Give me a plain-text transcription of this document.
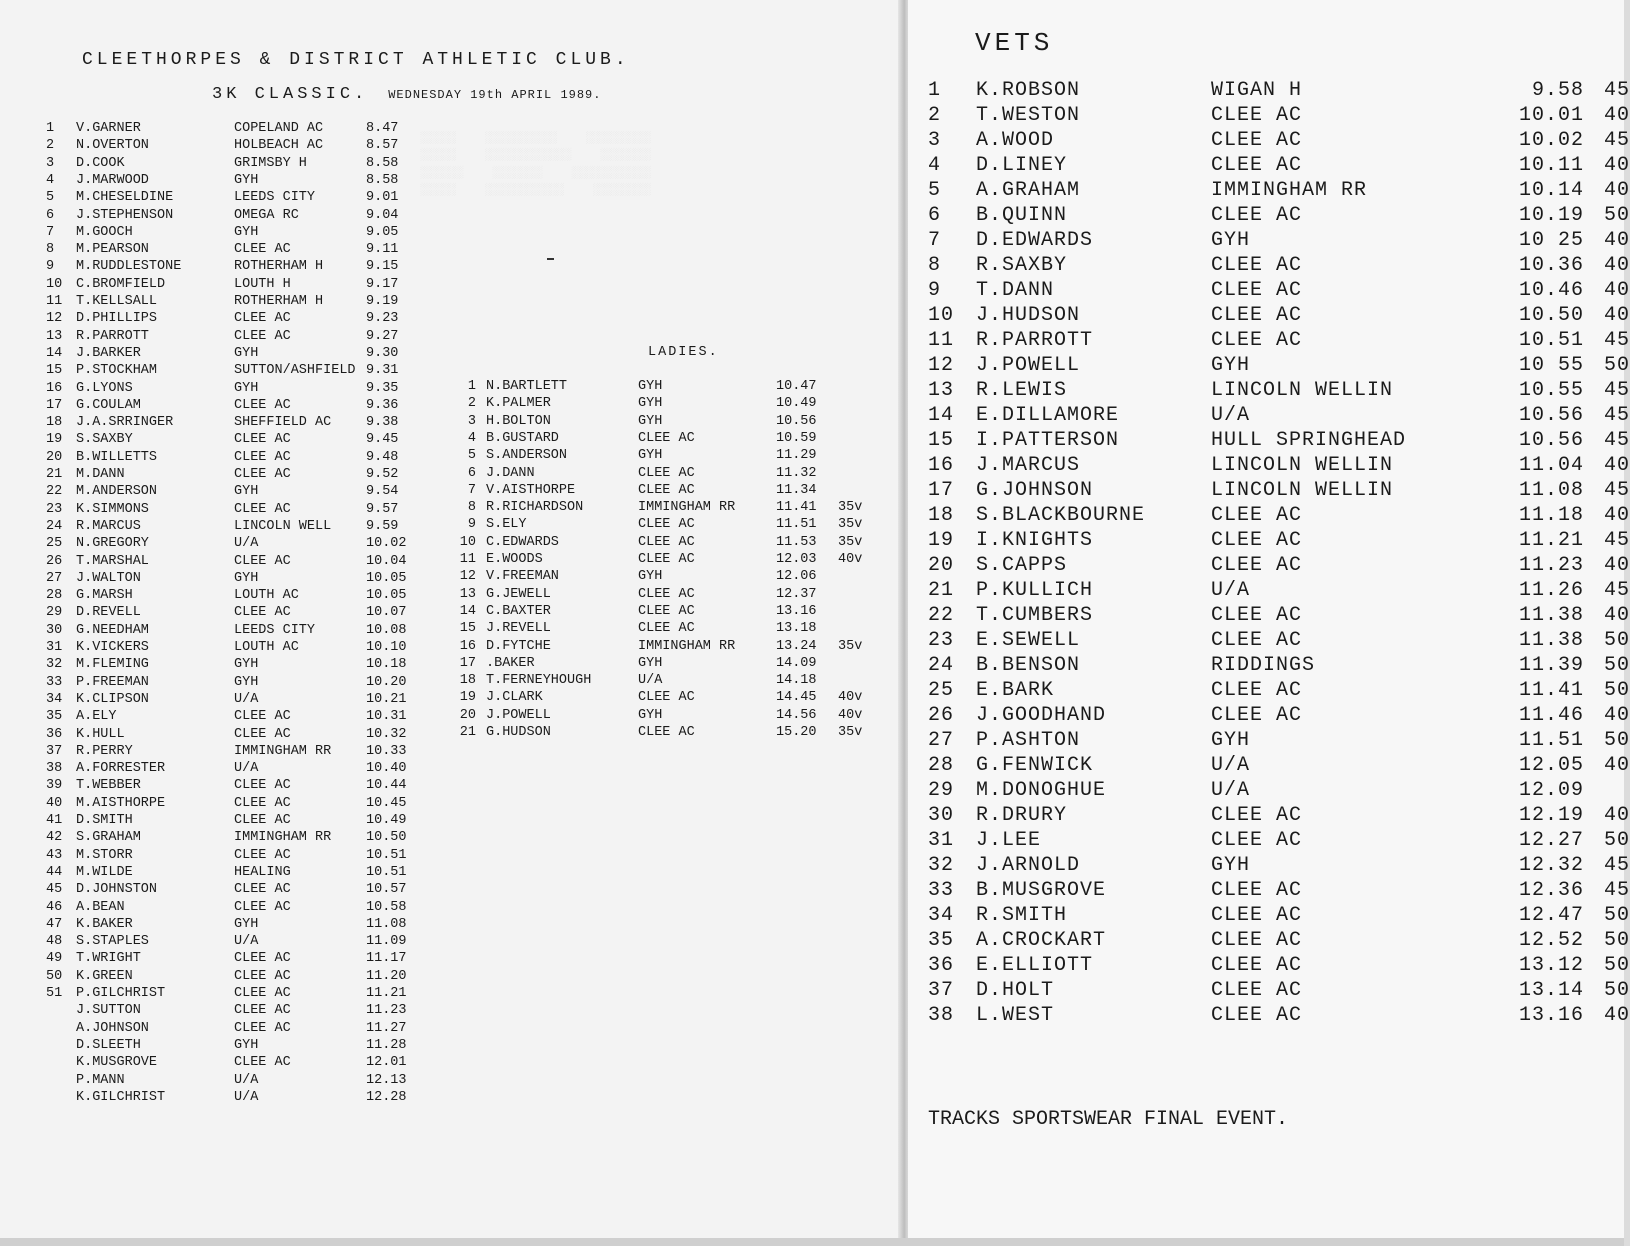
░░░░░░░░░    ░░░░░░░░░░    ░░░░░
░░░░░░░    ░░░░░░░░░░░░    ░░░░░
░░░░░░░░░░░    ░░░░░░░    ░░░░░░
░░░░░░░░    ░░░░░░░░░░░    ░░░░░
CLEETHORPES & DISTRICT ATHLETIC CLUB.
3K CLASSIC. WEDNESDAY 19th APRIL 1989.
1	V.GARNER	COPELAND AC	8.47
2	N.OVERTON	HOLBEACH AC	8.57
3	D.COOK	GRIMSBY H	8.58
4	J.MARWOOD	GYH	8.58
5	M.CHESELDINE	LEEDS CITY	9.01
6	J.STEPHENSON	OMEGA RC	9.04
7	M.GOOCH	GYH	9.05
8	M.PEARSON	CLEE AC	9.11
9	M.RUDDLESTONE	ROTHERHAM H	9.15
10	C.BROMFIELD	LOUTH H	9.17
11	T.KELLSALL	ROTHERHAM H	9.19
12	D.PHILLIPS	CLEE AC	9.23
13	R.PARROTT	CLEE AC	9.27
14	J.BARKER	GYH	9.30
15	P.STOCKHAM	SUTTON/ASHFIELD 9.31
16	G.LYONS	GYH	9.35
17	G.COULAM	CLEE AC	9.36
18	J.A.SRRINGER	SHEFFIELD AC	9.38
19	S.SAXBY	CLEE AC	9.45
20	B.WILLETTS	CLEE AC	9.48
21	M.DANN	CLEE AC	9.52
22	M.ANDERSON	GYH	9.54
23	K.SIMMONS	CLEE AC	9.57
24	R.MARCUS	LINCOLN WELL	9.59
25	N.GREGORY	U/A	10.02
26	T.MARSHAL	CLEE AC	10.04
27	J.WALTON	GYH	10.05
28	G.MARSH	LOUTH AC	10.05
29	D.REVELL	CLEE AC	10.07
30	G.NEEDHAM	LEEDS CITY	10.08
31	K.VICKERS	LOUTH AC	10.10
32	M.FLEMING	GYH	10.18
33	P.FREEMAN	GYH	10.20
34	K.CLIPSON	U/A	10.21
35	A.ELY	CLEE AC	10.31
36	K.HULL	CLEE AC	10.32
37	R.PERRY	IMMINGHAM RR	10.33
38	A.FORRESTER	U/A	10.40
39	T.WEBBER	CLEE AC	10.44
40	M.AISTHORPE	CLEE AC	10.45
41	D.SMITH	CLEE AC	10.49
42	S.GRAHAM	IMMINGHAM RR	10.50
43	M.STORR	CLEE AC	10.51
44	M.WILDE	HEALING	10.51
45	D.JOHNSTON	CLEE AC	10.57
46	A.BEAN	CLEE AC	10.58
47	K.BAKER	GYH	11.08
48	S.STAPLES	U/A	11.09
49	T.WRIGHT	CLEE AC	11.17
50	K.GREEN	CLEE AC	11.20
51	P.GILCHRIST	CLEE AC	11.21
J.SUTTON	CLEE AC	11.23
A.JOHNSON	CLEE AC	11.27
D.SLEETH	GYH	11.28
K.MUSGROVE	CLEE AC	12.01
P.MANN	U/A	12.13
K.GILCHRIST	U/A	12.28
LADIES.
1 N.BARTLETT	GYH	10.47
2 K.PALMER	GYH	10.49
3 H.BOLTON	GYH	10.56
4 B.GUSTARD	CLEE AC	10.59
5 S.ANDERSON	GYH	11.29
6 J.DANN	CLEE AC	11.32
7 V.AISTHORPE	CLEE AC	11.34
8 R.RICHARDSON	IMMINGHAM RR	11.41 35v
9 S.ELY	CLEE AC	11.51 35v
10 C.EDWARDS	CLEE AC	11.53 35v
11 E.WOODS	CLEE AC	12.03 40v
12 V.FREEMAN	GYH	12.06
13 G.JEWELL	CLEE AC	12.37
14 C.BAXTER	CLEE AC	13.16
15 J.REVELL	CLEE AC	13.18
16 D.FYTCHE	IMMINGHAM RR	13.24 35v
17 .BAKER	GYH	14.09
18 T.FERNEYHOUGH	U/A	14.18
19 J.CLARK	CLEE AC	14.45 40v
20 J.POWELL	GYH	14.56 40v
21 G.HUDSON	CLEE AC	15.20 35v
VETS
1	K.ROBSON	WIGAN H	9.58 45
2	T.WESTON	CLEE AC	10.01 40
3	A.WOOD	CLEE AC	10.02 45
4	D.LINEY	CLEE AC	10.11 40
5	A.GRAHAM	IMMINGHAM RR	10.14 40
6	B.QUINN	CLEE AC	10.19 50
7	D.EDWARDS	GYH	10 25 40
8	R.SAXBY	CLEE AC	10.36 40
9	T.DANN	CLEE AC	10.46 40
10	J.HUDSON	CLEE AC	10.50 40
11	R.PARROTT	CLEE AC	10.51 45
12	J.POWELL	GYH	10 55 50
13	R.LEWIS	LINCOLN WELLIN	10.55 45
14	E.DILLAMORE	U/A	10.56 45
15	I.PATTERSON	HULL SPRINGHEAD	10.56 45
16	J.MARCUS	LINCOLN WELLIN	11.04 40
17	G.JOHNSON	LINCOLN WELLIN	11.08 45
18	S.BLACKBOURNE	CLEE AC	11.18 40
19	I.KNIGHTS	CLEE AC	11.21 45
20	S.CAPPS	CLEE AC	11.23 40
21	P.KULLICH	U/A	11.26 45
22	T.CUMBERS	CLEE AC	11.38 40
23	E.SEWELL	CLEE AC	11.38 50
24	B.BENSON	RIDDINGS	11.39 50
25	E.BARK	CLEE AC	11.41 50
26	J.GOODHAND	CLEE AC	11.46 40
27	P.ASHTON	GYH	11.51 50
28	G.FENWICK	U/A	12.05 40
29	M.DONOGHUE	U/A	12.09
30	R.DRURY	CLEE AC	12.19 40
31	J.LEE	CLEE AC	12.27 50
32	J.ARNOLD	GYH	12.32 45
33	B.MUSGROVE	CLEE AC	12.36 45
34	R.SMITH	CLEE AC	12.47 50
35	A.CROCKART	CLEE AC	12.52 50
36	E.ELLIOTT	CLEE AC	13.12 50
37	D.HOLT	CLEE AC	13.14 50
38	L.WEST	CLEE AC	13.16 40
TRACKS SPORTSWEAR FINAL EVENT.
